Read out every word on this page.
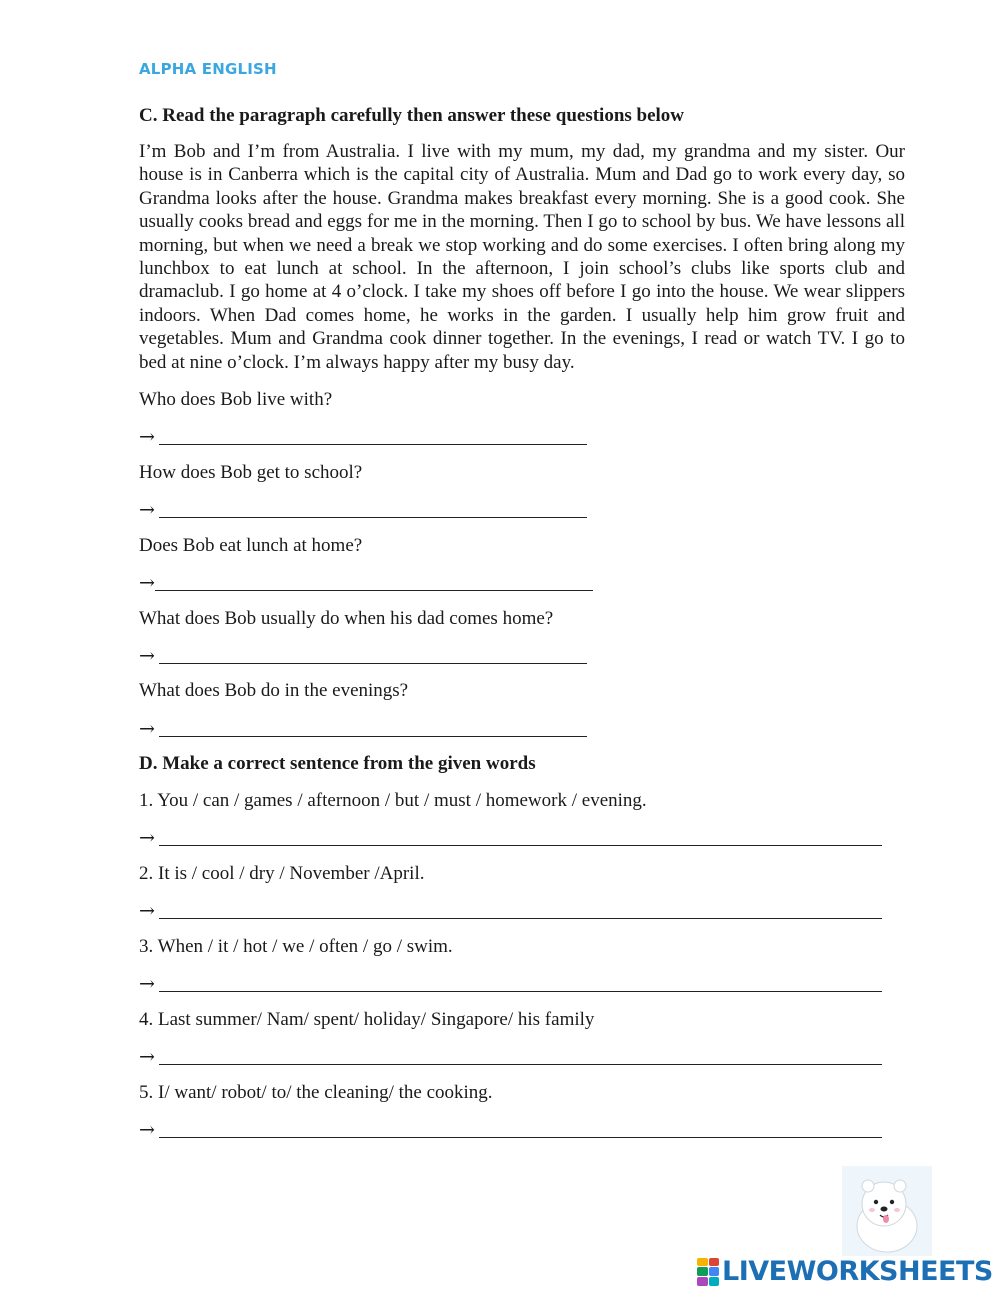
ALPHA ENGLISH
C. Read the paragraph carefully then answer these questions below

I’m Bob and I’m from Australia. I live with my mum, my dad, my grandma and my sister. Our house is in Canberra which is the capital city of Australia. Mum and Dad go to work every day, so Grandma looks after the house. Grandma makes breakfast every morning. She is a good cook. She usually cooks bread and eggs for me in the morning. Then I go to school by bus. We have lessons all morning, but when we need a break we stop working and do some exercises. I often bring along my lunchbox to eat lunch at school. In the afternoon, I join school’s clubs like sports club and dramaclub. I go home at 4 o’clock. I take my shoes off before I go into the house. We wear slippers indoors. When Dad comes home, he works in the garden. I usually help him grow fruit and vegetables. Mum and Grandma cook dinner together. In the evenings, I read or watch TV. I go to bed at nine o’clock. I’m always happy after my busy day.

Who does Bob live with?
→
How does Bob get to school?
→
Does Bob eat lunch at home?
→
What does Bob usually do when his dad comes home?
→
What does Bob do in the evenings?
→
D. Make a correct sentence from the given words
1. You / can / games / afternoon / but / must / homework / evening.
→
2. It is / cool / dry / November /April.
→
3. When / it / hot / we / often / go / swim.
→
4. Last summer/ Nam/ spent/ holiday/ Singapore/ his family
→
5. I/ want/ robot/ to/ the cleaning/ the cooking.
→
LIVEWORKSHEETS
